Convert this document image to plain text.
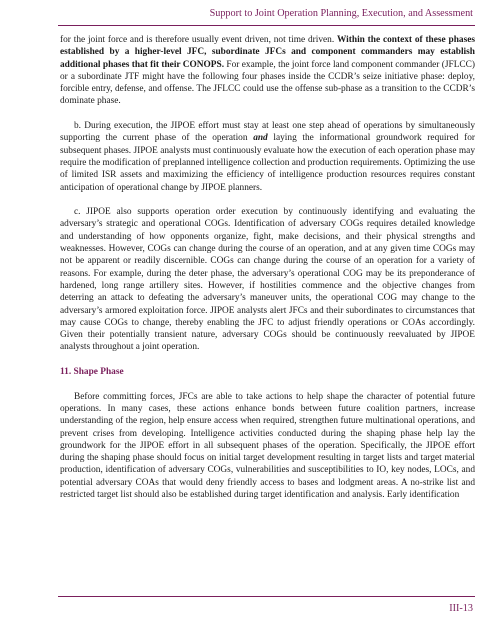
Support to Joint Operation Planning, Execution, and Assessment

for the joint force and is therefore usually event driven, not time driven. Within the context of these phases established by a higher-level JFC, subordinate JFCs and component commanders may establish additional phases that fit their CONOPS. For example, the joint force land component commander (JFLCC) or a subordinate JTF might have the following four phases inside the CCDR’s seize initiative phase: deploy, forcible entry, defense, and offense. The JFLCC could use the offense sub-phase as a transition to the CCDR’s dominate phase.

b. During execution, the JIPOE effort must stay at least one step ahead of operations by simultaneously supporting the current phase of the operation and laying the informational groundwork required for subsequent phases. JIPOE analysts must continuously evaluate how the execution of each operation phase may require the modification of preplanned intelligence collection and production requirements. Optimizing the use of limited ISR assets and maximizing the efficiency of intelligence production resources requires constant anticipation of operational change by JIPOE planners.

c. JIPOE also supports operation order execution by continuously identifying and evaluating the adversary’s strategic and operational COGs. Identification of adversary COGs requires detailed knowledge and understanding of how opponents organize, fight, make decisions, and their physical strengths and weaknesses. However, COGs can change during the course of an operation, and at any given time COGs may not be apparent or readily discernible. COGs can change during the course of an operation for a variety of reasons. For example, during the deter phase, the adversary’s operational COG may be its preponderance of hardened, long range artillery sites. However, if hostilities commence and the objective changes from deterring an attack to defeating the adversary’s maneuver units, the operational COG may change to the adversary’s armored exploitation force. JIPOE analysts alert JFCs and their subordinates to circumstances that may cause COGs to change, thereby enabling the JFC to adjust friendly operations or COAs accordingly. Given their potentially transient nature, adversary COGs should be continuously reevaluated by JIPOE analysts throughout a joint operation.

11. Shape Phase

Before committing forces, JFCs are able to take actions to help shape the character of potential future operations. In many cases, these actions enhance bonds between future coalition partners, increase understanding of the region, help ensure access when required, strengthen future multinational operations, and prevent crises from developing. Intelligence activities conducted during the shaping phase help lay the groundwork for the JIPOE effort in all subsequent phases of the operation. Specifically, the JIPOE effort during the shaping phase should focus on initial target development resulting in target lists and target material production, identification of adversary COGs, vulnerabilities and susceptibilities to IO, key nodes, LOCs, and potential adversary COAs that would deny friendly access to bases and lodgment areas. A no-strike list and restricted target list should also be established during target identification and analysis. Early identification

III-13
